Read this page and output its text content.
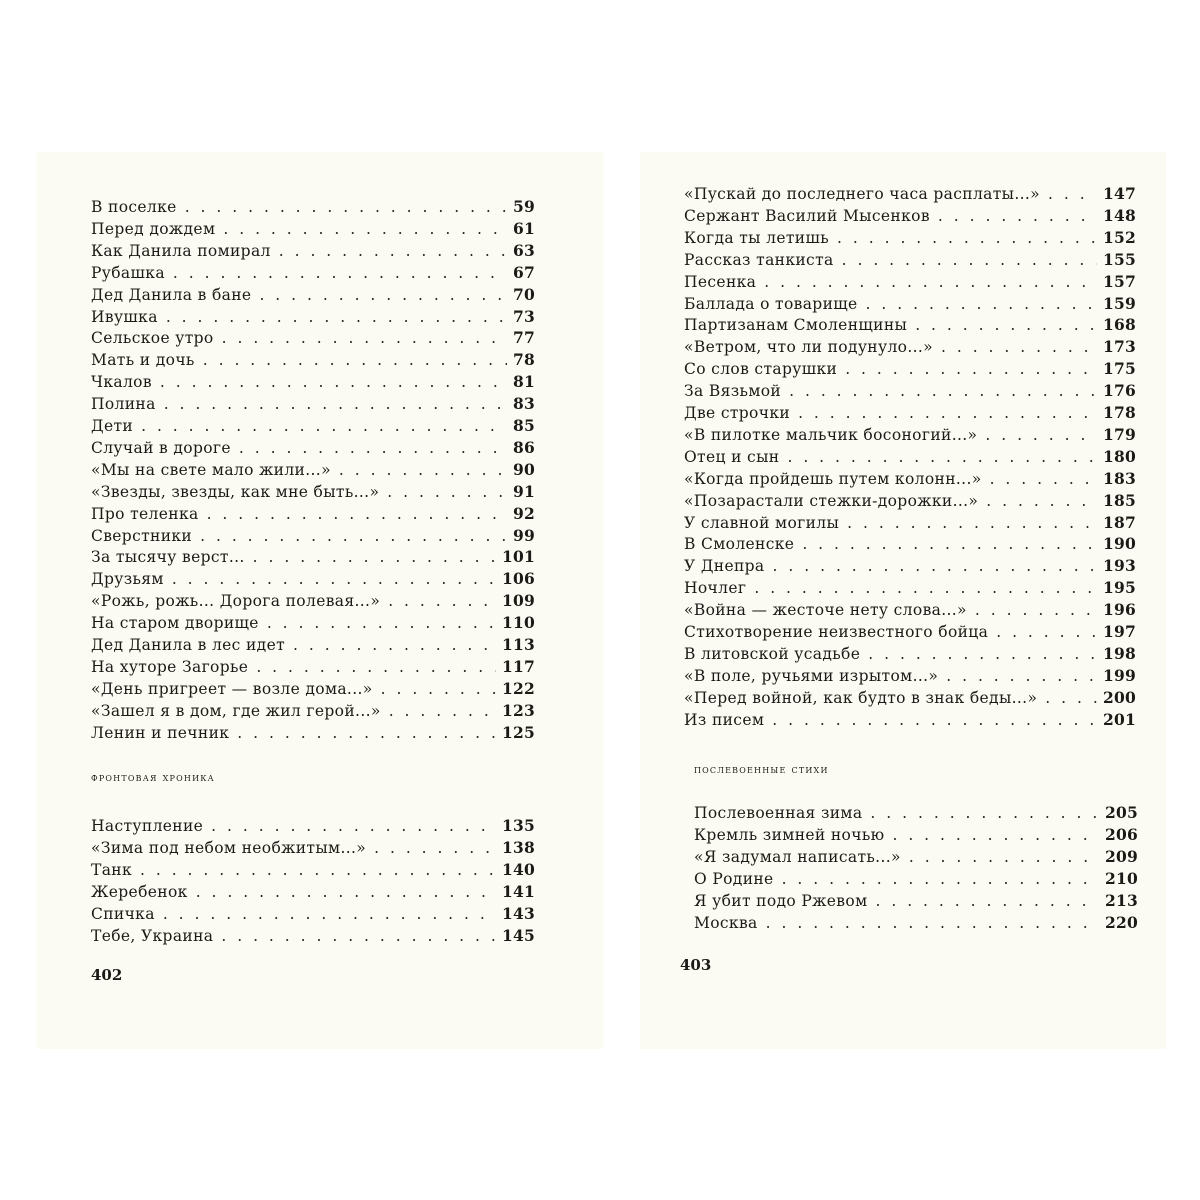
В поселке . . .	59
Перед дождем . . .	61
Как Данила помирал . . .	63
Рубашка . . .	67
Дед Данила в бане . . .	70
Ивушка . . .	73
Сельское утро . . .	77
Мать и дочь . . .	78
Чкалов . . .	81
Полина . . .	83
Дети . . .	85
Случай в дороге . . .	86
«Мы на свете мало жили...» . . .	90
«Звезды, звезды, как мне быть...» . . .	91
Про теленка . . .	92
Сверстники . . .	99
За тысячу верст... . . .	101
Друзьям . . .	106
«Рожь, рожь... Дорога полевая...» . . .	109
На старом дворище . . .	110
Дед Данила в лес идет . . .	113
На хуторе Загорье . . .	117
«День пригреет — возле дома...» . . .	122
«Зашел я в дом, где жил герой...» . . .	123
Ленин и печник . . .	125
фронтовая хроника
Наступление . . .	135
«Зима под небом необжитым...» . . .	138
Танк . . .	140
Жеребенок . . .	141
Спичка . . .	143
Тебе, Украина . . .	145
402
«Пускай до последнего часа расплаты...» . . .	147
Сержант Василий Мысенков . . .	148
Когда ты летишь . . .	152
Рассказ танкиста . . .	155
Песенка . . .	157
Баллада о товарище . . .	159
Партизанам Смоленщины . . .	168
«Ветром, что ли подунуло...» . . .	173
Со слов старушки . . .	175
За Вязьмой . . .	176
Две строчки . . .	178
«В пилотке мальчик босоногий...» . . .	179
Отец и сын . . .	180
«Когда пройдешь путем колонн...» . . .	183
«Позарастали стежки-дорожки...» . . .	185
У славной могилы . . .	187
В Смоленске . . .	190
У Днепра . . .	193
Ночлег . . .	195
«Война — жесточе нету слова...» . . .	196
Стихотворение неизвестного бойца . . .	197
В литовской усадьбе . . .	198
«В поле, ручьями изрытом...» . . .	199
«Перед войной, как будто в знак беды...» . . .	200
Из писем . . .	201
послевоенные стихи
Послевоенная зима . . .	205
Кремль зимней ночью . . .	206
«Я задумал написать...» . . .	209
О Родине . . .	210
Я убит подо Ржевом . . .	213
Москва . . .	220
403
